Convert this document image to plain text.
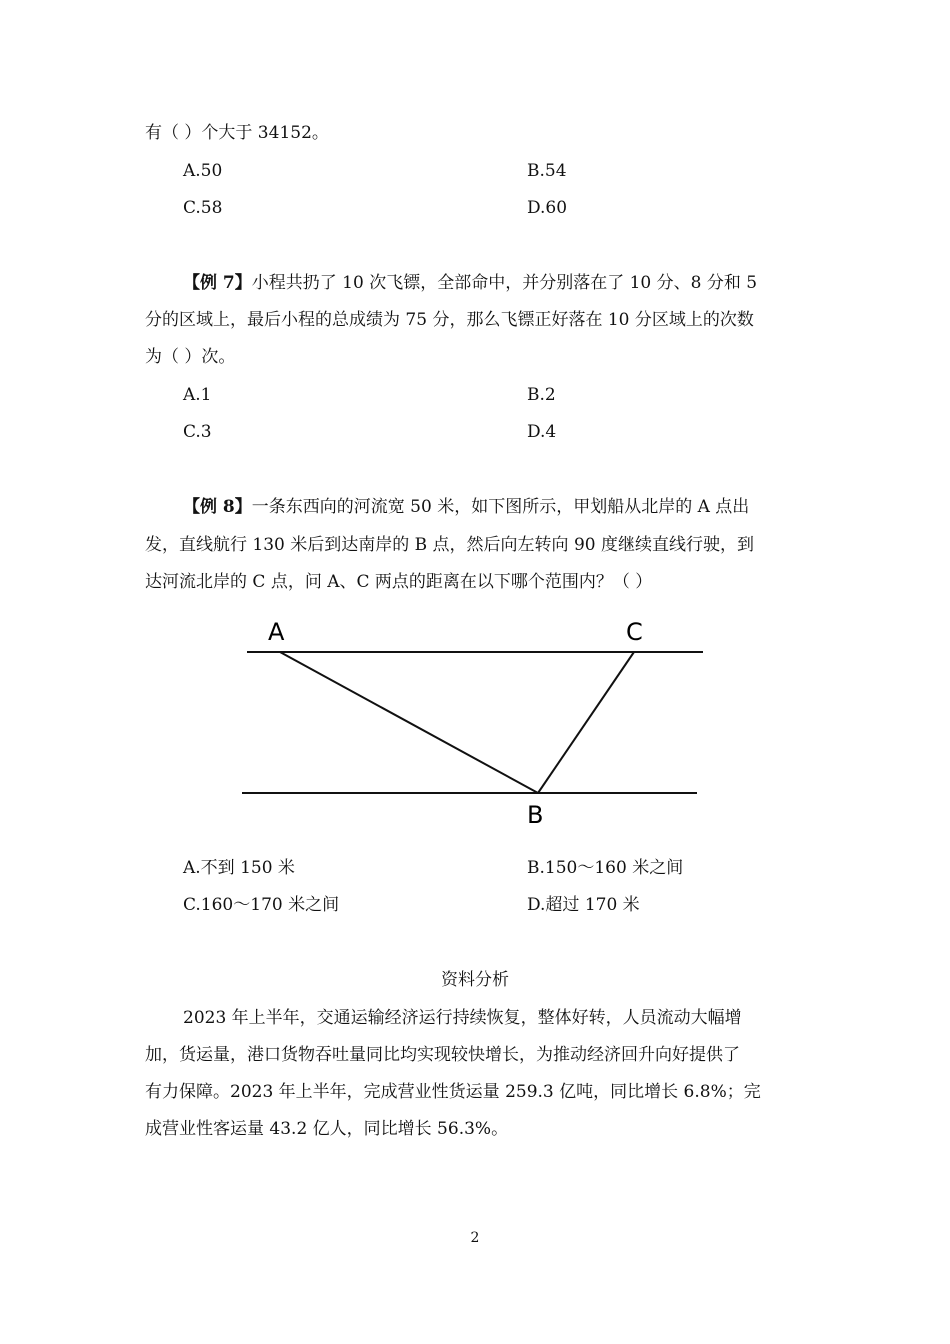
有（ ）个大于 34152。
A.50	B.54
C.58	D.60
【例 7】小程共扔了 10 次飞镖，全部命中，并分别落在了 10 分、8 分和 5
分的区域上，最后小程的总成绩为 75 分，那么飞镖正好落在 10 分区域上的次数
为（ ）次。
A.1	B.2
C.3	D.4
【例 8】一条东西向的河流宽 50 米，如下图所示，甲划船从北岸的 A 点出
发，直线航行 130 米后到达南岸的 B 点，然后向左转向 90 度继续直线行驶，到
达河流北岸的 C 点，问 A、C 两点的距离在以下哪个范围内？（ ）
A	C
B
A.不到 150 米	B.150～160 米之间
C.160～170 米之间	D.超过 170 米
资料分析
2023 年上半年，交通运输经济运行持续恢复，整体好转，人员流动大幅增
加，货运量，港口货物吞吐量同比均实现较快增长，为推动经济回升向好提供了
有力保障。2023 年上半年，完成营业性货运量 259.3 亿吨，同比增长 6.8%；完
成营业性客运量 43.2 亿人，同比增长 56.3%。
2
